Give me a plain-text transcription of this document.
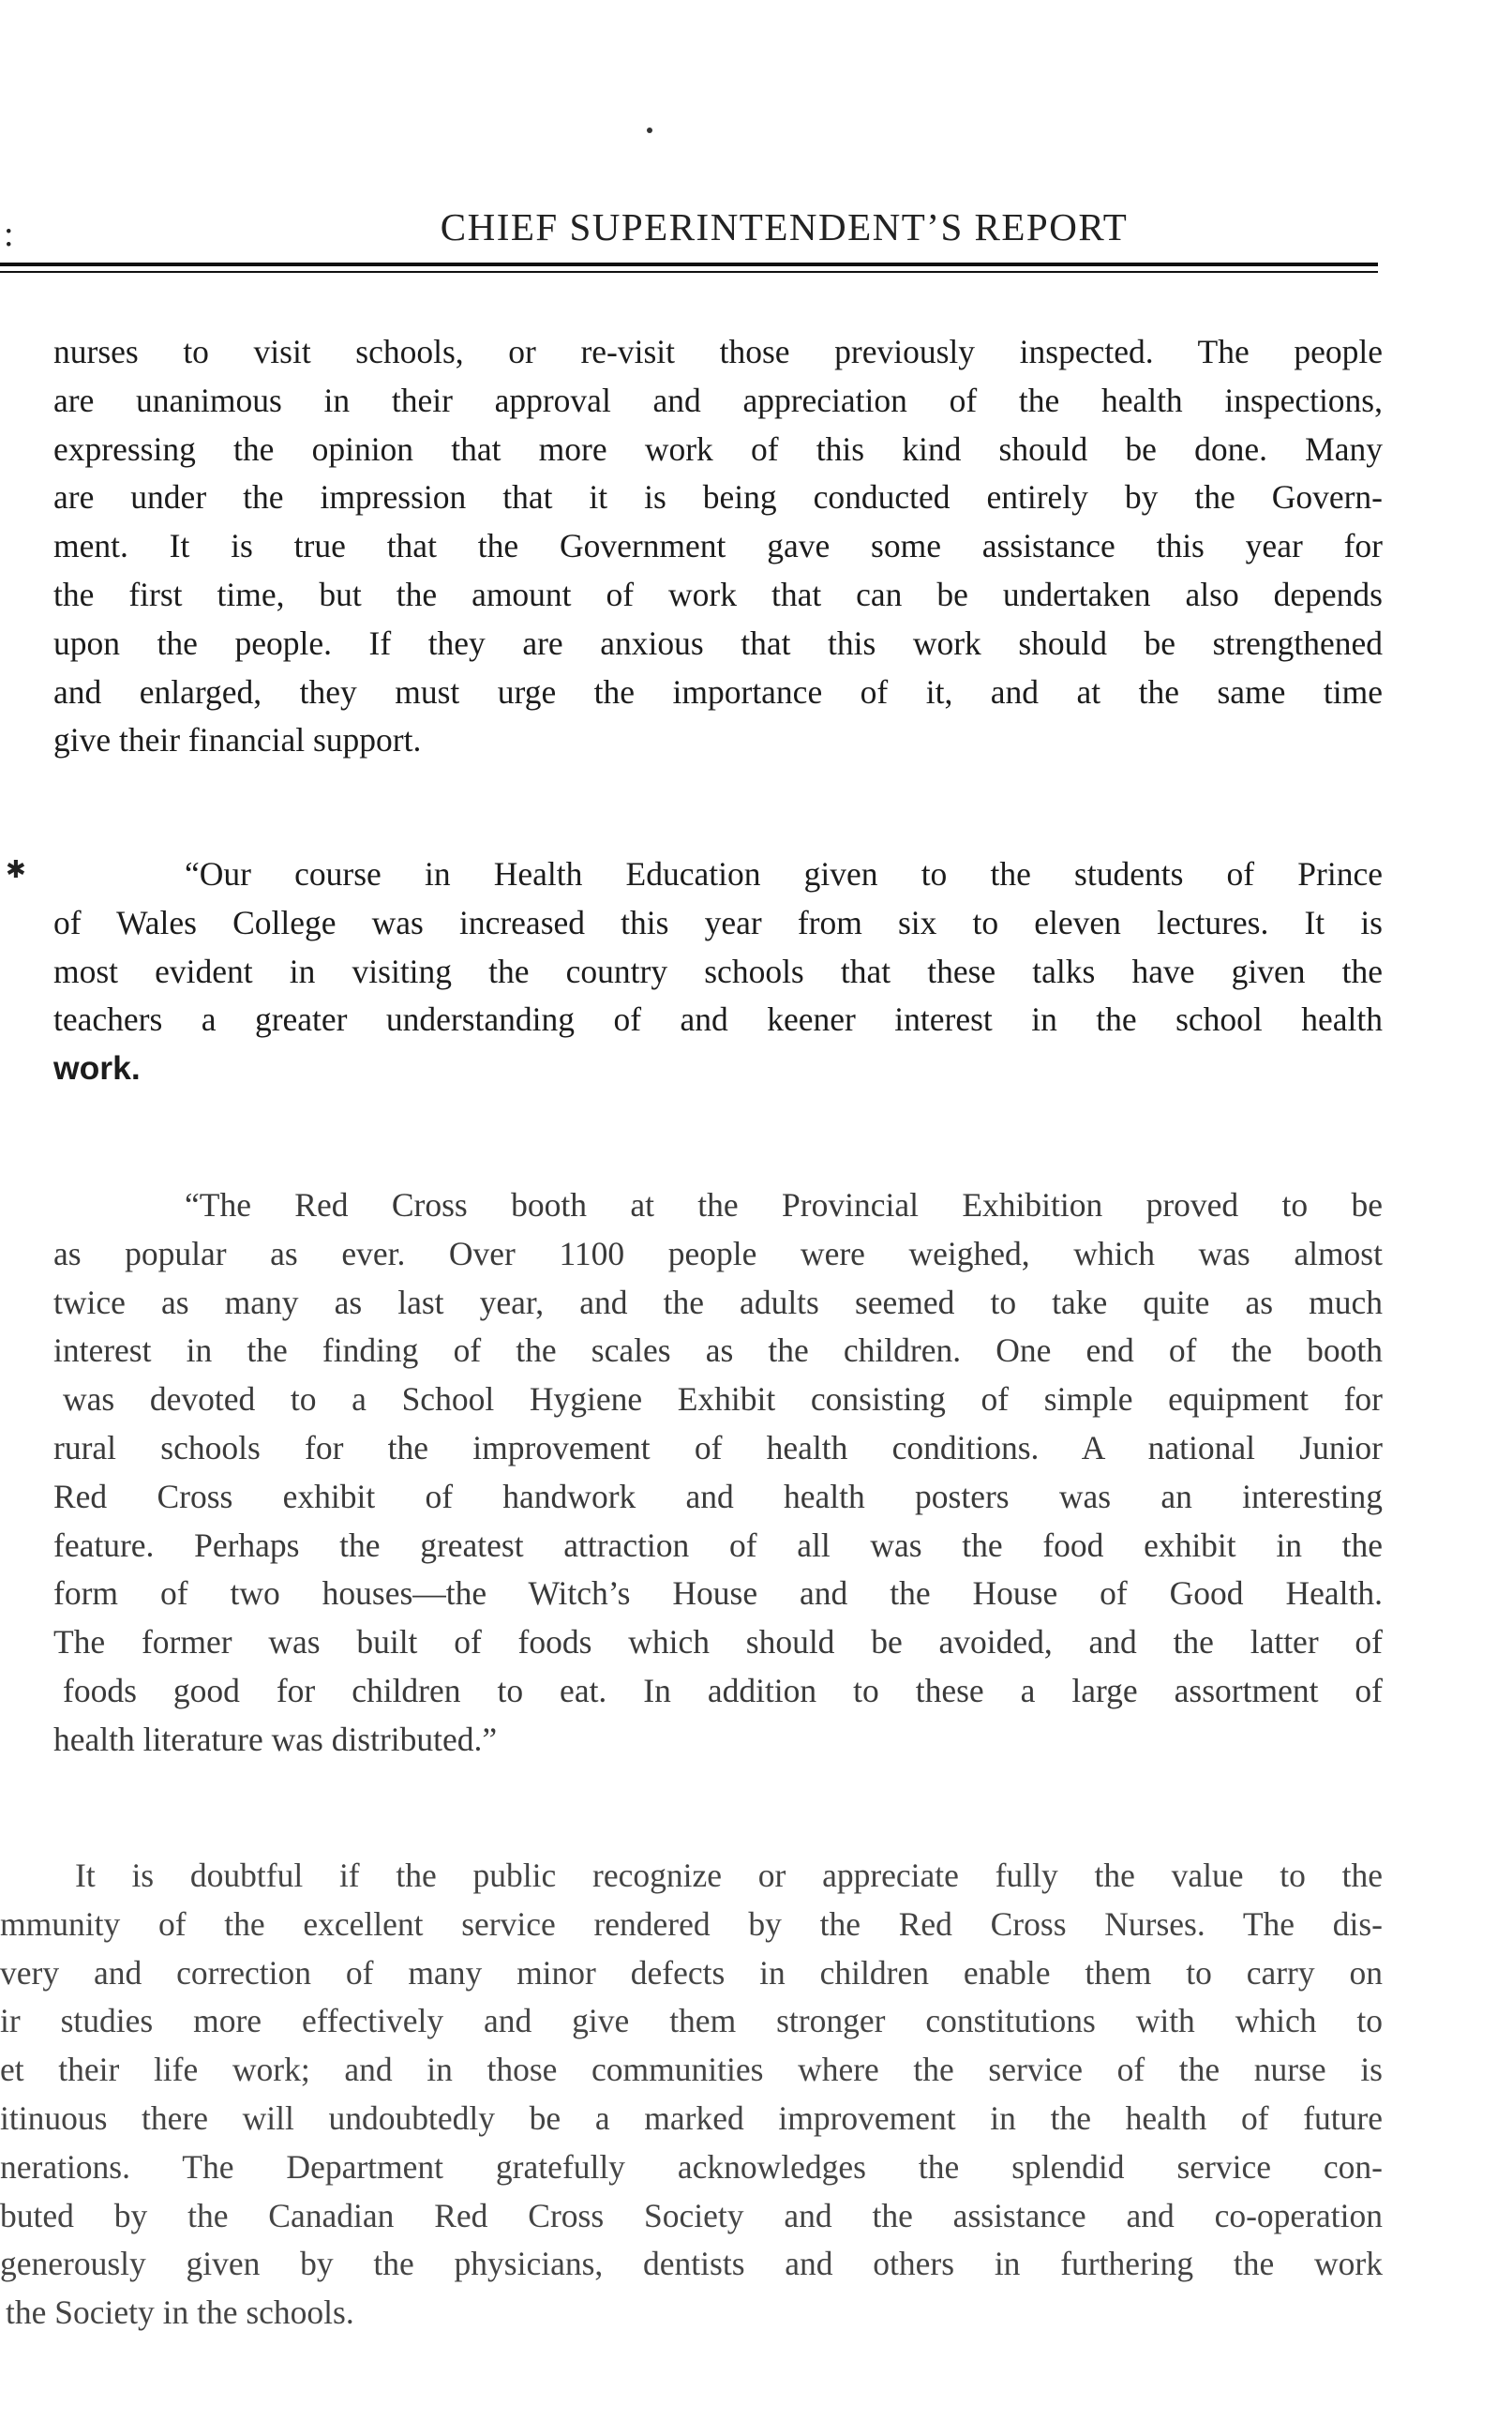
:	CHIEF SUPERINTENDENT’S REPORT
nurses to visit schools, or re-visit those previously inspected. The people
are unanimous in their approval and appreciation of the health inspections,
expressing the opinion that more work of this kind should be done. Many
are under the impression that it is being conducted entirely by the Govern-
ment. It is true that the Government gave some assistance this year for
the first time, but the amount of work that can be undertaken also depends
upon the people. If they are anxious that this work should be strengthened
and enlarged, they must urge the importance of it, and at the same time
give their financial support.
✱	“Our course in Health Education given to the students of Prince
of Wales College was increased this year from six to eleven lectures. It is
most evident in visiting the country schools that these talks have given the
teachers a greater understanding of and keener interest in the school health
work.
“The Red Cross booth at the Provincial Exhibition proved to be
as popular as ever. Over 1100 people were weighed, which was almost
twice as many as last year, and the adults seemed to take quite as much
interest in the finding of the scales as the children. One end of the booth
was devoted to a School Hygiene Exhibit consisting of simple equipment for
rural schools for the improvement of health conditions. A national Junior
Red Cross exhibit of handwork and health posters was an interesting
feature. Perhaps the greatest attraction of all was the food exhibit in the
form of two houses—the Witch’s House and the House of Good Health.
The former was built of foods which should be avoided, and the latter of
foods good for children to eat. In addition to these a large assortment of
health literature was distributed.”
It is doubtful if the public recognize or appreciate fully the value to the
mmunity of the excellent service rendered by the Red Cross Nurses. The dis-
very and correction of many minor defects in children enable them to carry on
ir studies more effectively and give them stronger constitutions with which to
et their life work; and in those communities where the service of the nurse is
itinuous there will undoubtedly be a marked improvement in the health of future
nerations. The Department gratefully acknowledges the splendid service con-
buted by the Canadian Red Cross Society and the assistance and co-operation
generously given by the physicians, dentists and others in furthering the work
the Society in the schools.
